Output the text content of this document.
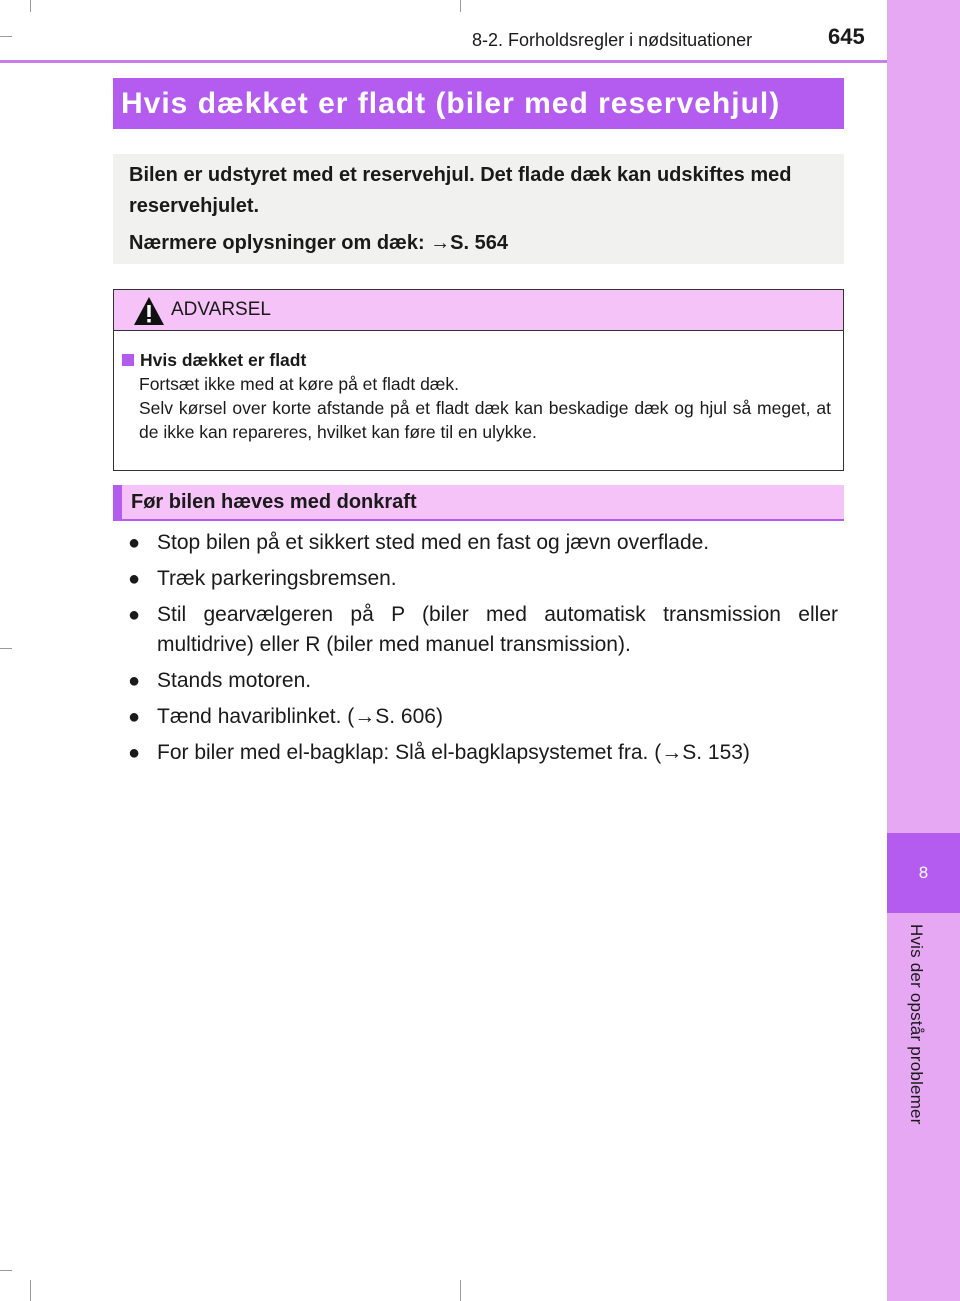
8
Hvis der opstår problemer
8-2. Forholdsregler i nødsituationer	645
Hvis dækket er fladt (biler med reservehjul)

Bilen er udstyret med et reservehjul. Det flade dæk kan udskiftes med reservehjulet.

Nærmere oplysninger om dæk: →S. 564

ADVARSEL
Hvis dækket er fladt
Fortsæt ikke med at køre på et fladt dæk.
Selv kørsel over korte afstande på et fladt dæk kan beskadige dæk og hjul så meget, at de ikke kan repareres, hvilket kan føre til en ulykke.
Før bilen hæves med donkraft
● Stop bilen på et sikkert sted med en fast og jævn overflade.
● Træk parkeringsbremsen.
● Stil gearvælgeren på P (biler med automatisk transmission eller
multidrive) eller R (biler med manuel transmission).
● Stands motoren.
● Tænd havariblinket. (→S. 606)
● For biler med el-bagklap: Slå el-bagklapsystemet fra. (→S. 153)
